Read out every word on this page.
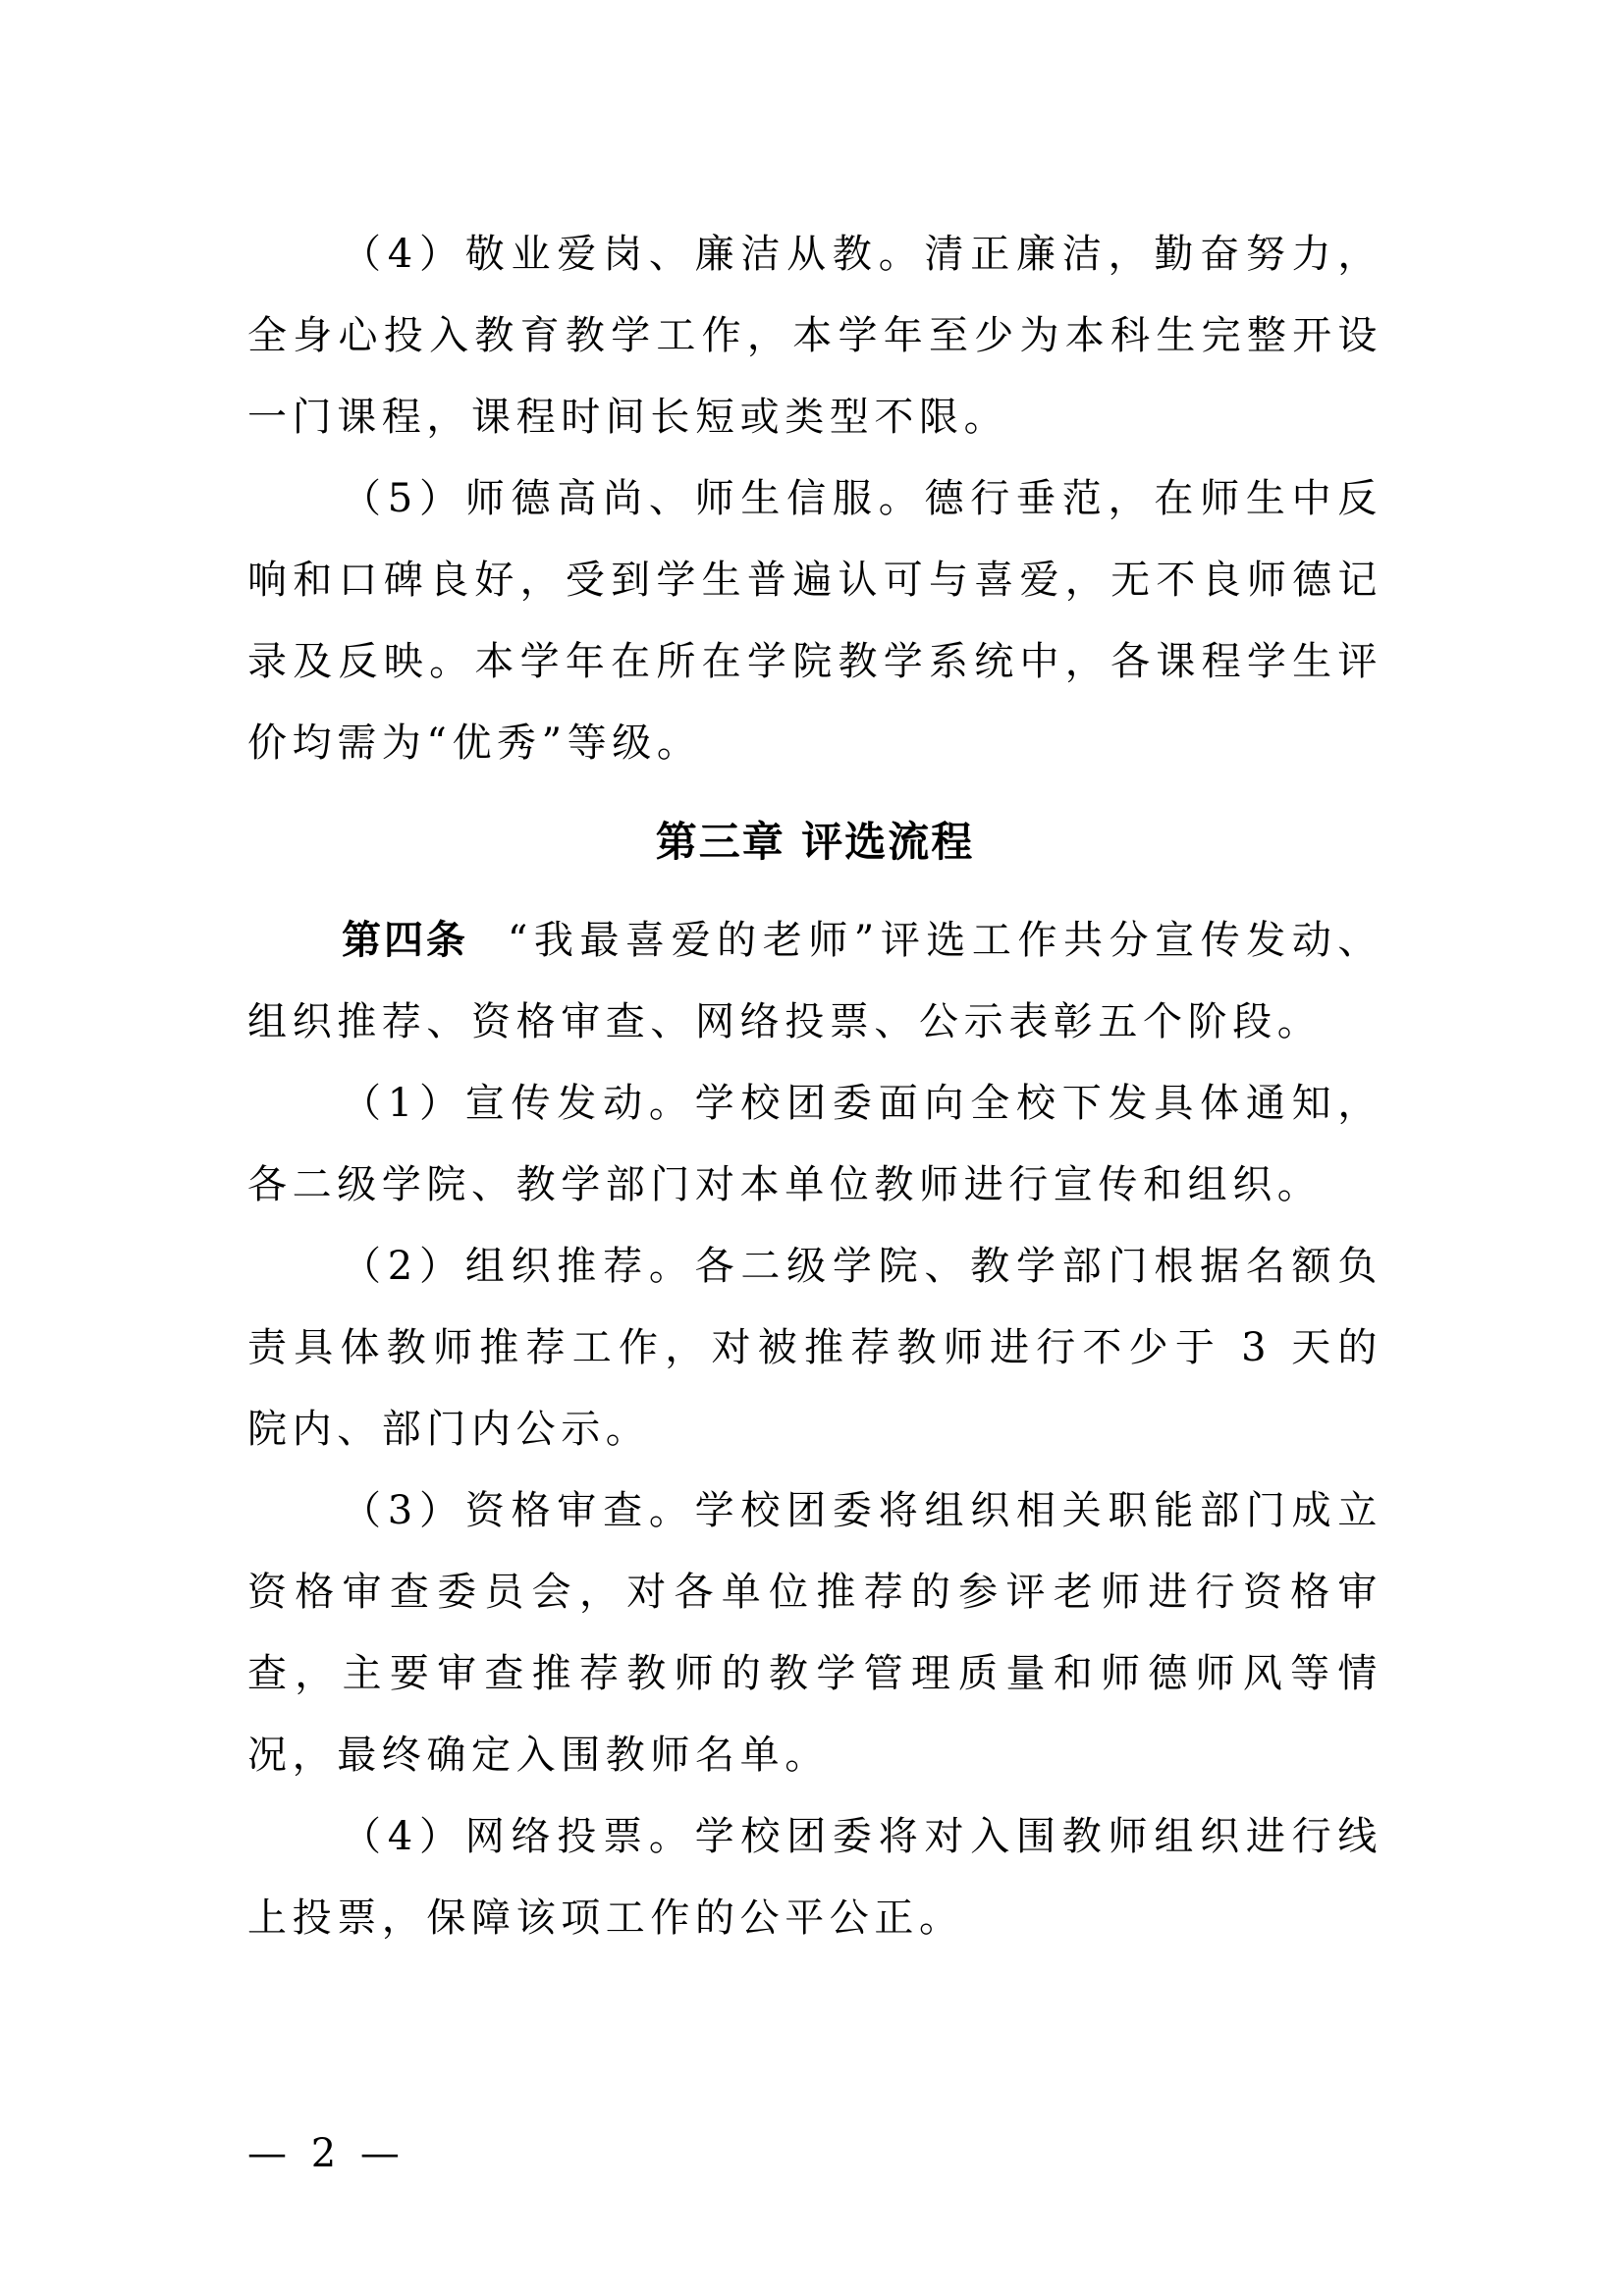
（4）敬业爱岗、廉洁从教。清正廉洁，勤奋努力，全身心投入教育教学工作，本学年至少为本科生完整开设一门课程，课程时间长短或类型不限。

（5）师德高尚、师生信服。德行垂范，在师生中反响和口碑良好，受到学生普遍认可与喜爱，无不良师德记录及反映。本学年在所在学院教学系统中，各课程学生评价均需为“优秀”等级。

第三章 评选流程

第四条 “我最喜爱的老师”评选工作共分宣传发动、组织推荐、资格审查、网络投票、公示表彰五个阶段。

（1）宣传发动。学校团委面向全校下发具体通知，各二级学院、教学部门对本单位教师进行宣传和组织。

（2）组织推荐。各二级学院、教学部门根据名额负责具体教师推荐工作，对被推荐教师进行不少于 3 天的院内、部门内公示。

（3）资格审查。学校团委将组织相关职能部门成立资格审查委员会，对各单位推荐的参评老师进行资格审查，主要审查推荐教师的教学管理质量和师德师风等情况，最终确定入围教师名单。

（4）网络投票。学校团委将对入围教师组织进行线上投票，保障该项工作的公平公正。

— 2 —
